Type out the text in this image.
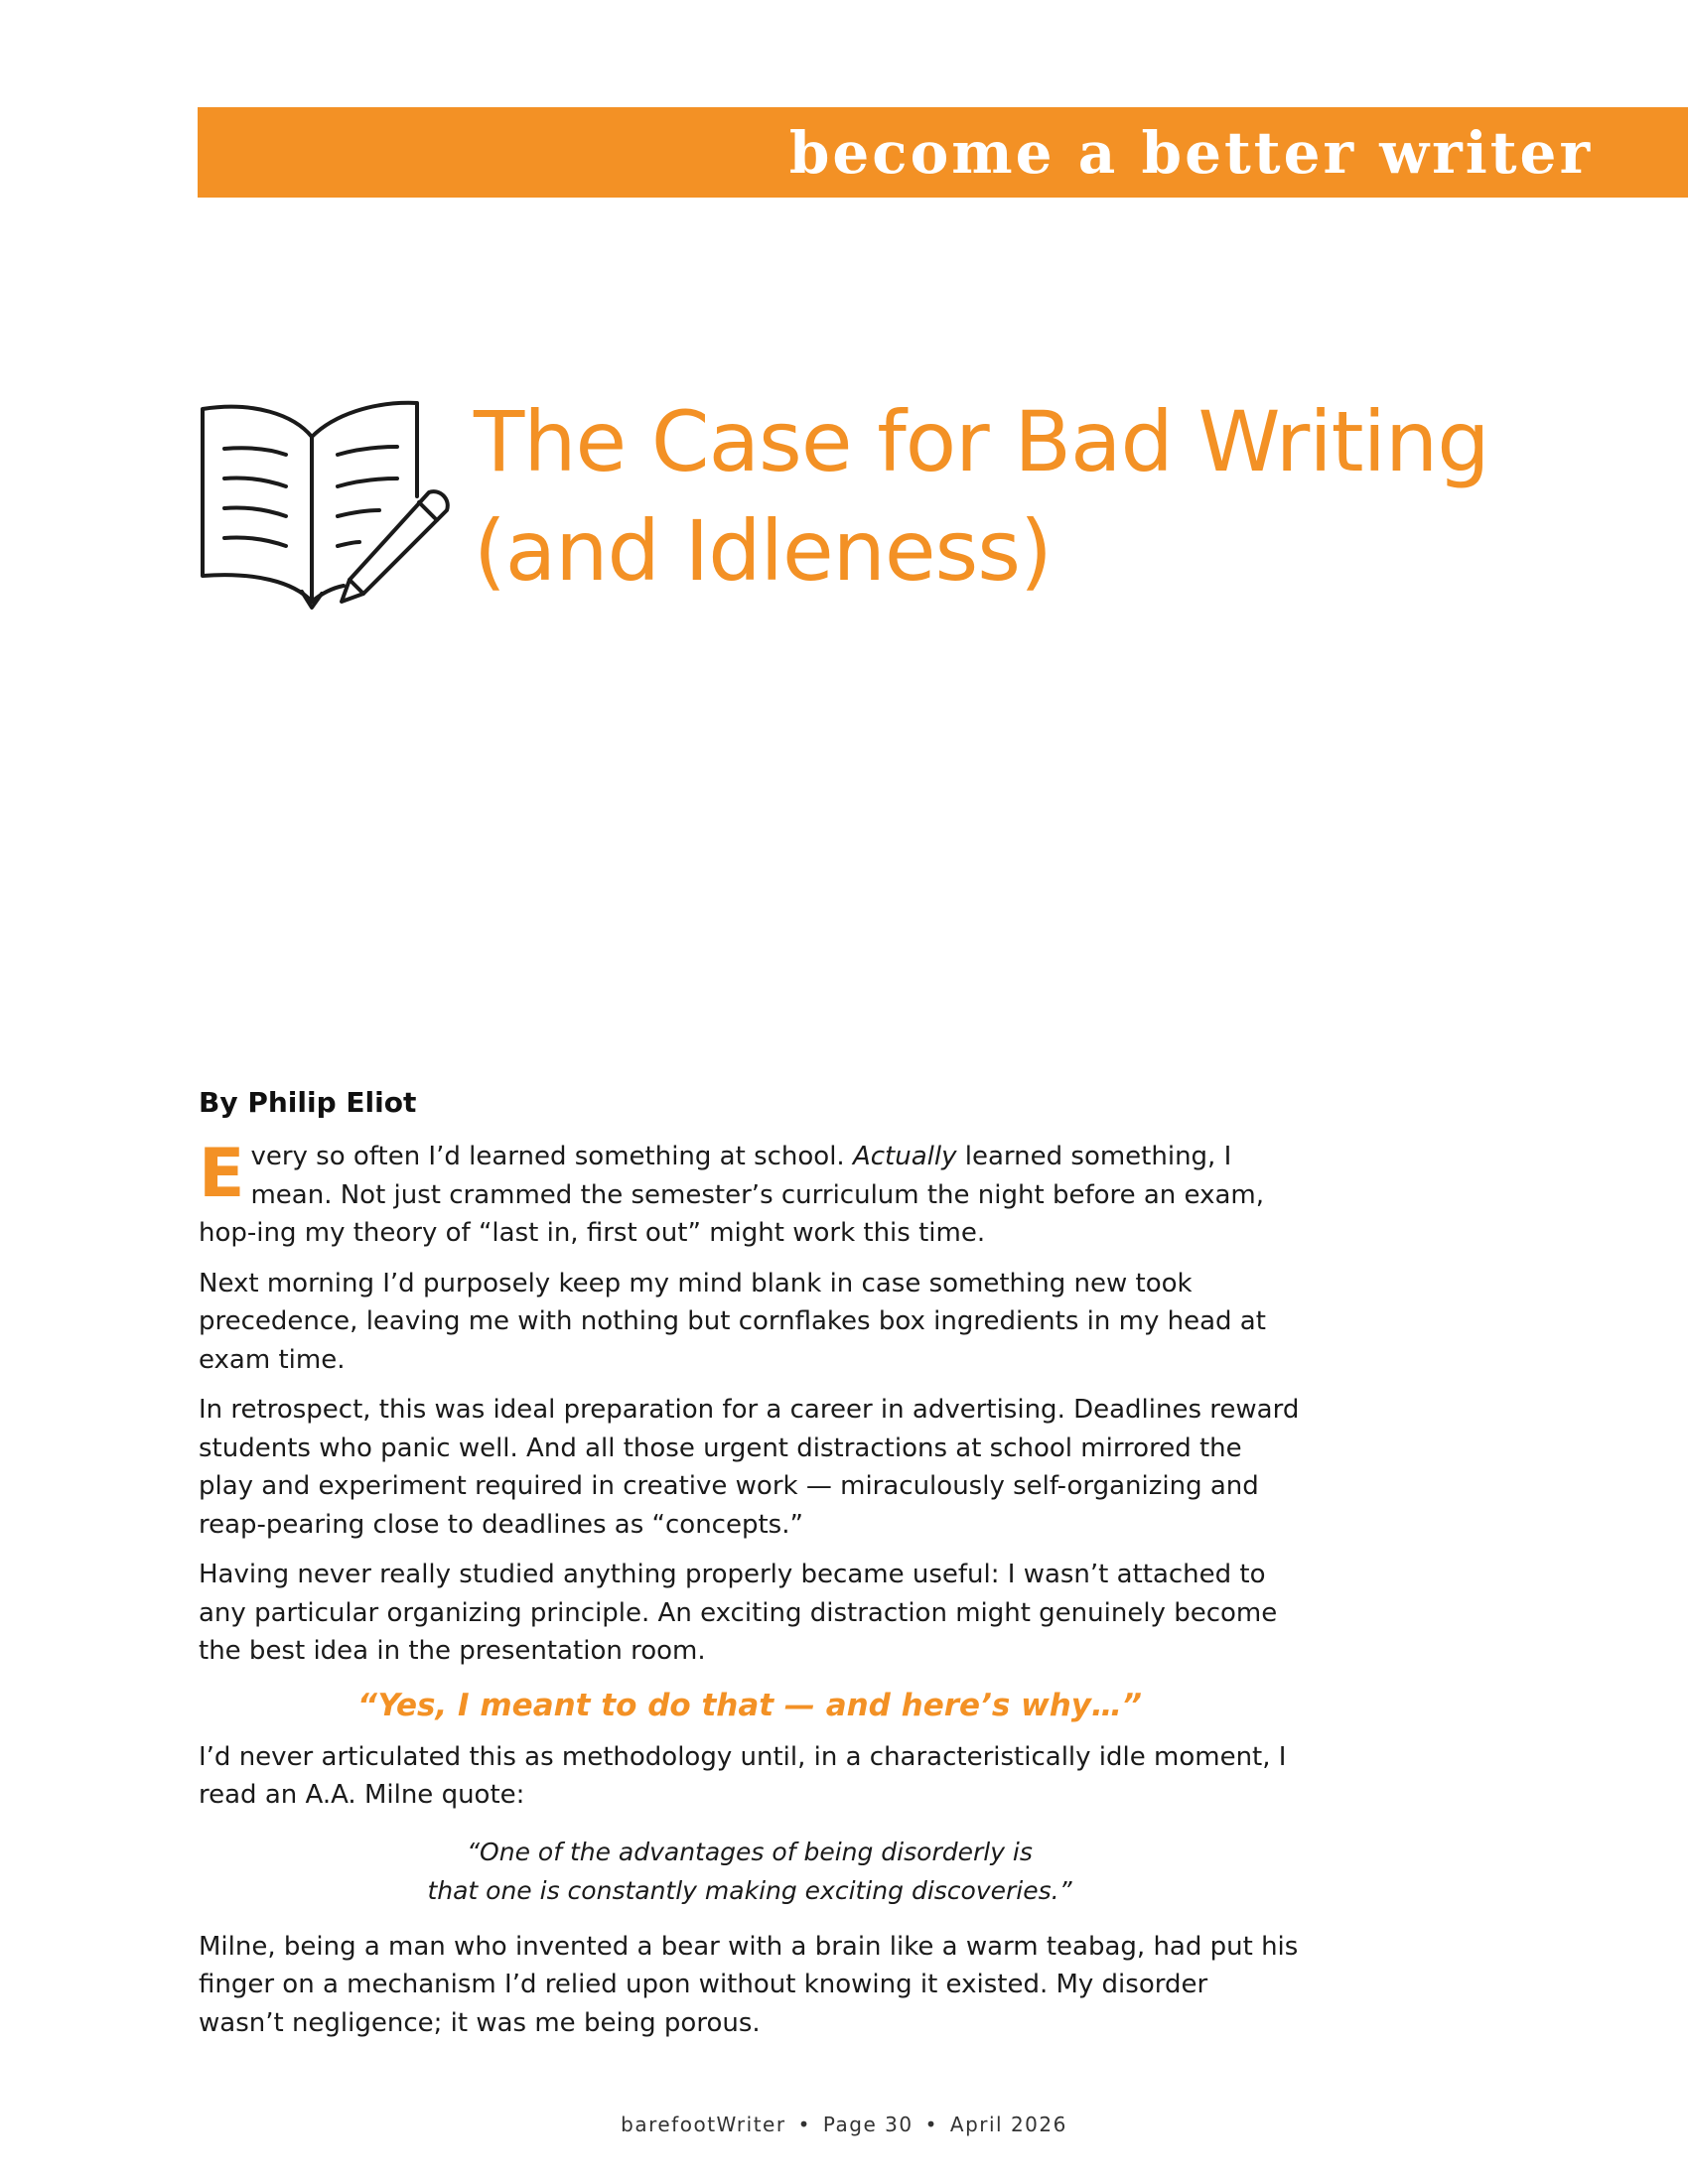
become a better writer
The Case for Bad Writing
(and Idleness)
By Philip Eliot

Every so often I’d learned something at school. Actually learned something, I mean. Not just crammed the semester’s curriculum the night before an exam, hop-ing my theory of “last in, first out” might work this time.

Next morning I’d purposely keep my mind blank in case something new took precedence, leaving me with nothing but cornflakes box ingredients in my head at exam time.

In retrospect, this was ideal preparation for a career in advertising. Deadlines reward students who panic well. And all those urgent distractions at school mirrored the play and experiment required in creative work — miraculously self-organizing and reap-pearing close to deadlines as “concepts.”

Having never really studied anything properly became useful: I wasn’t attached to any particular organizing principle. An exciting distraction might genuinely become the best idea in the presentation room.

“Yes, I meant to do that — and here’s why…”

I’d never articulated this as methodology until, in a characteristically idle moment, I read an A.A. Milne quote:

“One of the advantages of being disorderly is
that one is constantly making exciting discoveries.”

Milne, being a man who invented a bear with a brain like a warm teabag, had put his finger on a mechanism I’d relied upon without knowing it existed. My disorder wasn’t negligence; it was me being porous.

barefootWriter • Page 30 • April 2026
